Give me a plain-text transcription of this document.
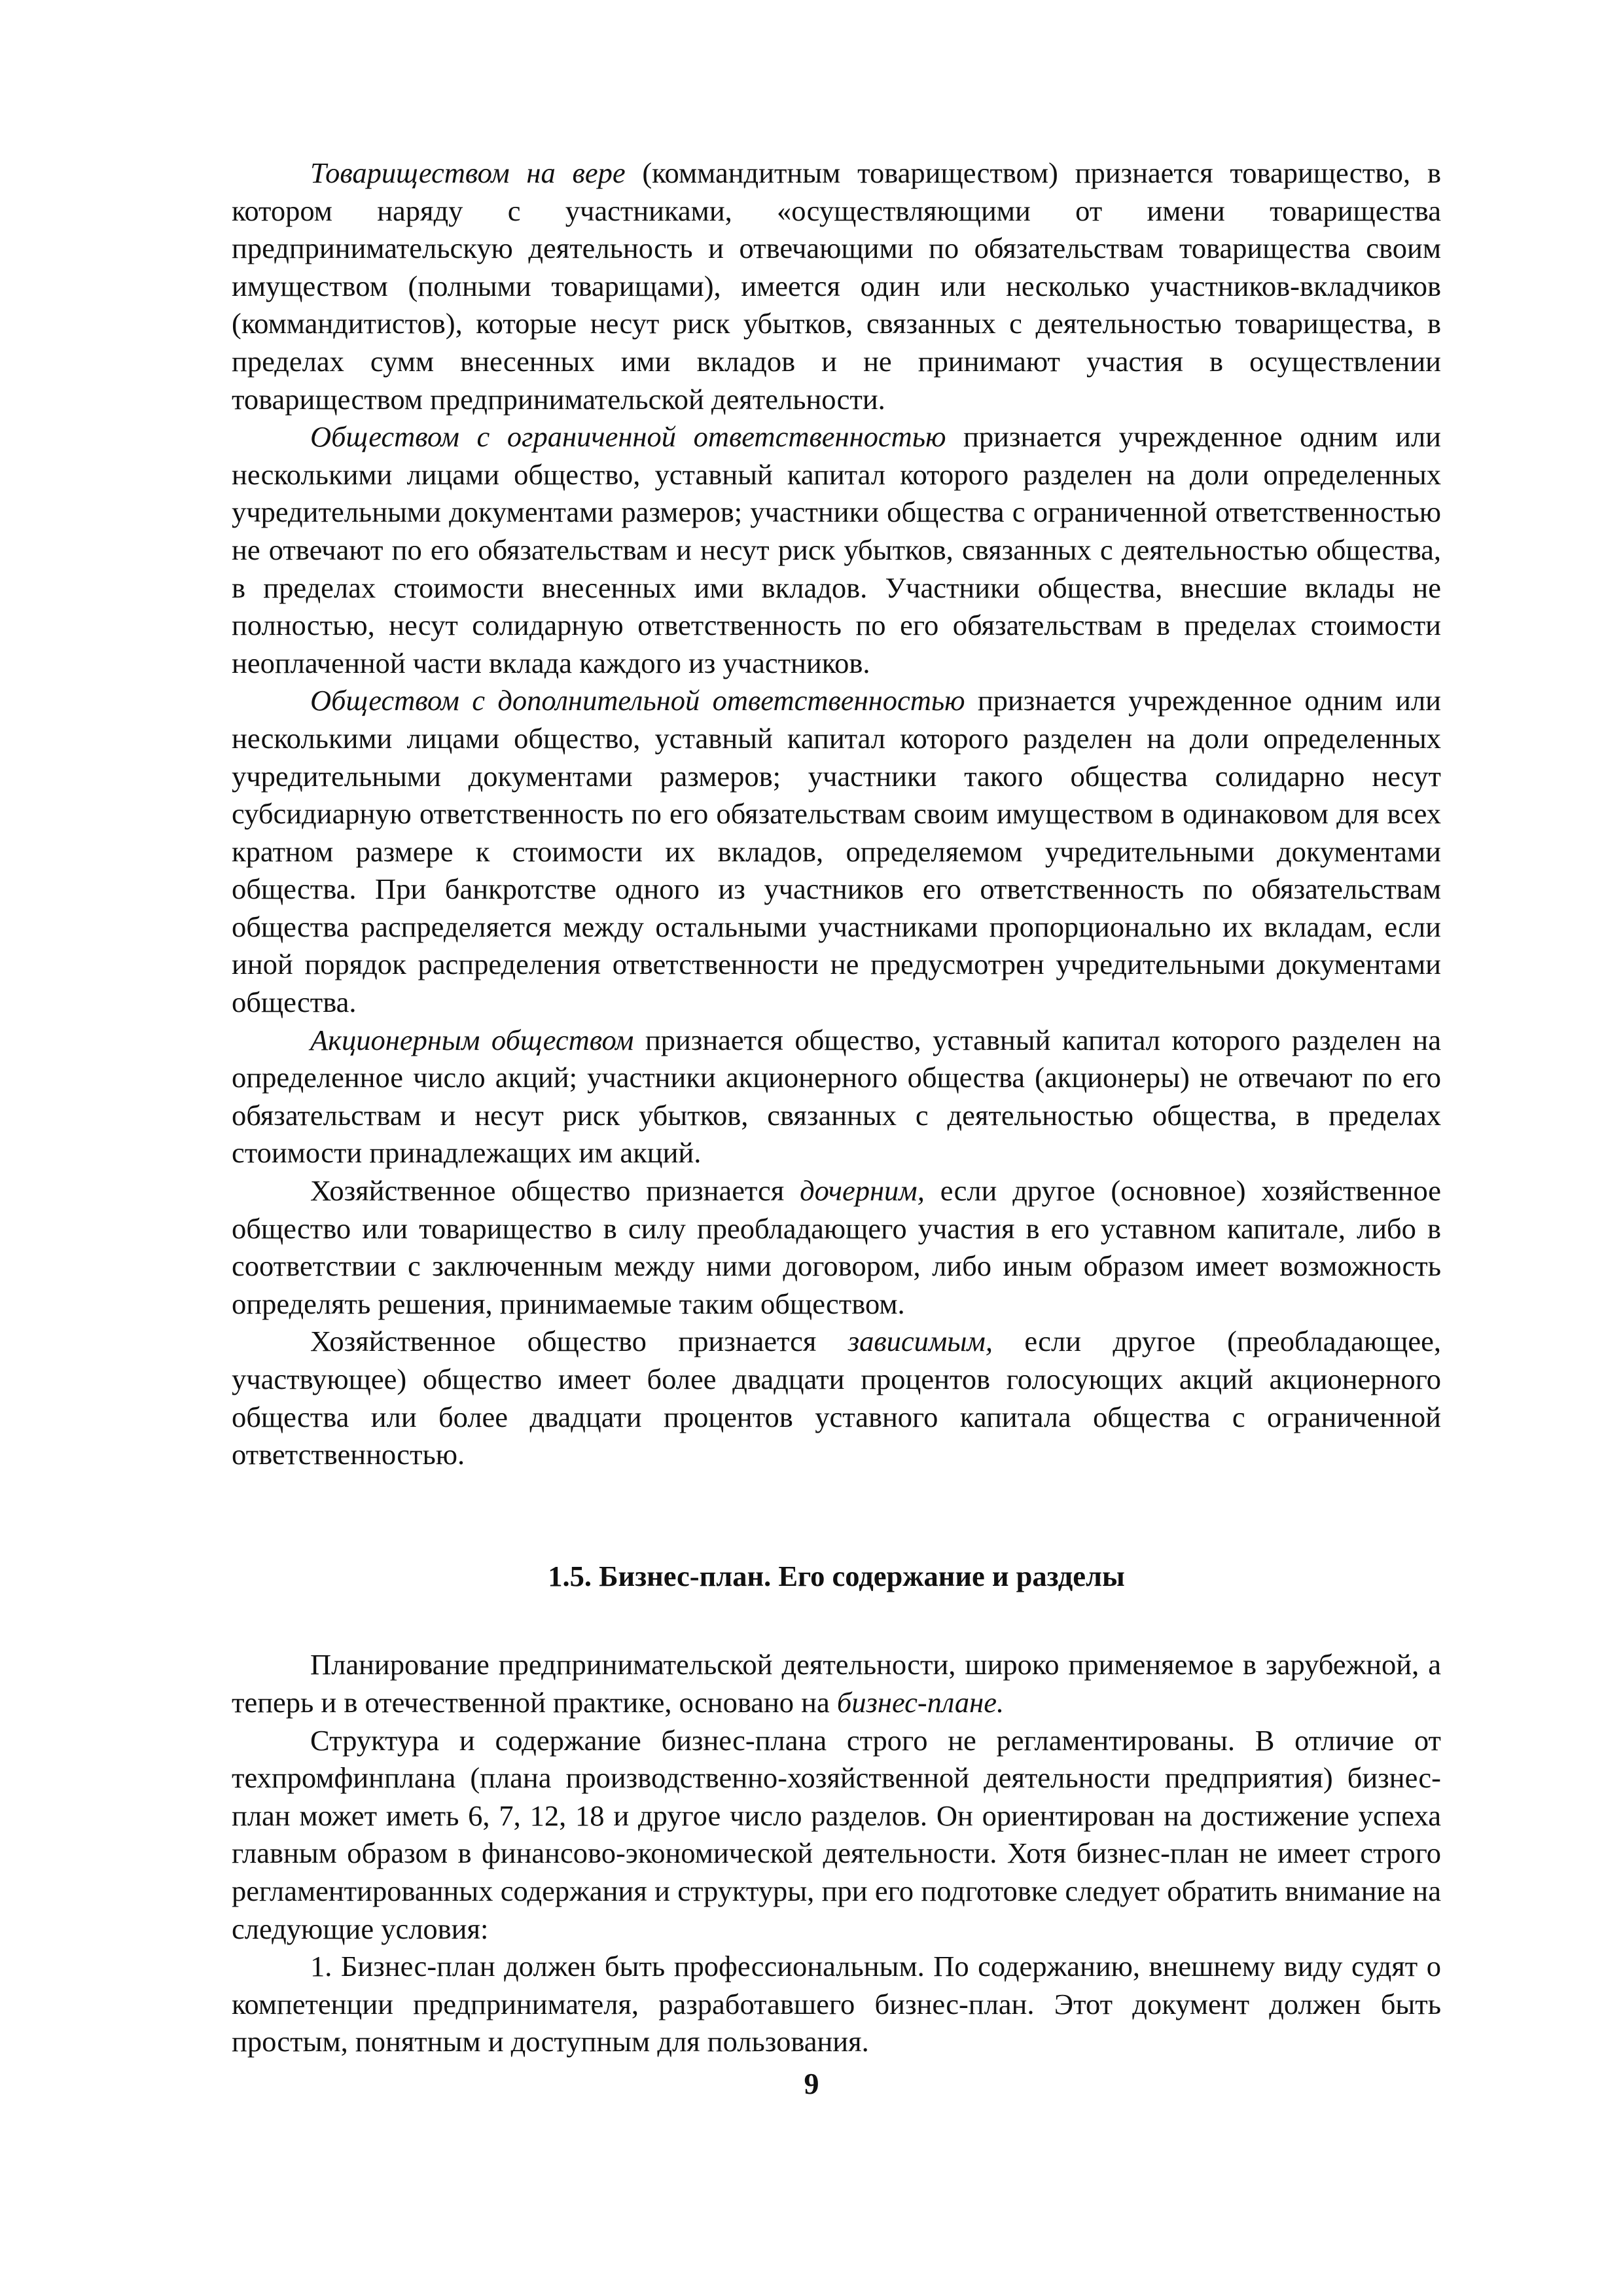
Товариществом на вере (коммандитным товариществом) признается товарищество, в котором наряду с участниками, «осуществляющими от имени товарищества предпринимательскую деятельность и отвечающими по обязательствам товарищества своим имуществом (полными товарищами), имеется один или несколько участников-вкладчиков (коммандитистов), которые несут риск убытков, связанных с деятельностью товарищества, в пределах сумм внесенных ими вкладов и не принимают участия в осуществлении товариществом предпринимательской деятельности.

Обществом с ограниченной ответственностью признается учрежденное одним или несколькими лицами общество, уставный капитал которого разделен на доли определенных учредительными документами размеров; участники общества с ограниченной ответственностью не отвечают по его обязательствам и несут риск убытков, связанных с деятельностью общества, в пределах стоимости внесенных ими вкладов. Участники общества, внесшие вклады не полностью, несут солидарную ответственность по его обязательствам в пределах стоимости неоплаченной части вклада каждого из участников.

Обществом с дополнительной ответственностью признается учрежденное одним или несколькими лицами общество, уставный капитал которого разделен на доли определенных учредительными документами размеров; участники такого общества солидарно несут субсидиарную ответственность по его обязательствам своим имуществом в одинаковом для всех кратном размере к стоимости их вкладов, определяемом учредительными документами общества. При банкротстве одного из участников его ответственность по обязательствам общества распределяется между остальными участниками пропорционально их вкладам, если иной порядок распределения ответственности не предусмотрен учредительными документами общества.

Акционерным обществом признается общество, уставный капитал которого разделен на определенное число акций; участники акционерного общества (акционеры) не отвечают по его обязательствам и несут риск убытков, связанных с деятельностью общества, в пределах стоимости принадлежащих им акций.

Хозяйственное общество признается дочерним, если другое (основное) хозяйственное общество или товарищество в силу преобладающего участия в его уставном капитале, либо в соответствии с заключенным между ними договором, либо иным образом имеет возможность определять решения, принимаемые таким обществом.

Хозяйственное общество признается зависимым, если другое (преобладающее, участвующее) общество имеет более двадцати процентов голосующих акций акционерного общества или более двадцати процентов уставного капитала общества с ограниченной ответственностью.

1.5. Бизнес-план. Его содержание и разделы

Планирование предпринимательской деятельности, широко применяемое в зарубежной, а теперь и в отечественной практике, основано на бизнес-плане.

Структура и содержание бизнес-плана строго не регламентированы. В отличие от техпромфинплана (плана производственно-хозяйственной деятельности предприятия) бизнес-план может иметь 6, 7, 12, 18 и другое число разделов. Он ориентирован на достижение успеха главным образом в финансово-экономической деятельности. Хотя бизнес-план не имеет строго регламентированных содержания и структуры, при его подготовке следует обратить внимание на следующие условия:

1. Бизнес-план должен быть профессиональным. По содержанию, внешнему виду судят о компетенции предпринимателя, разработавшего бизнес-план. Этот документ должен быть простым, понятным и доступным для пользования.

9
